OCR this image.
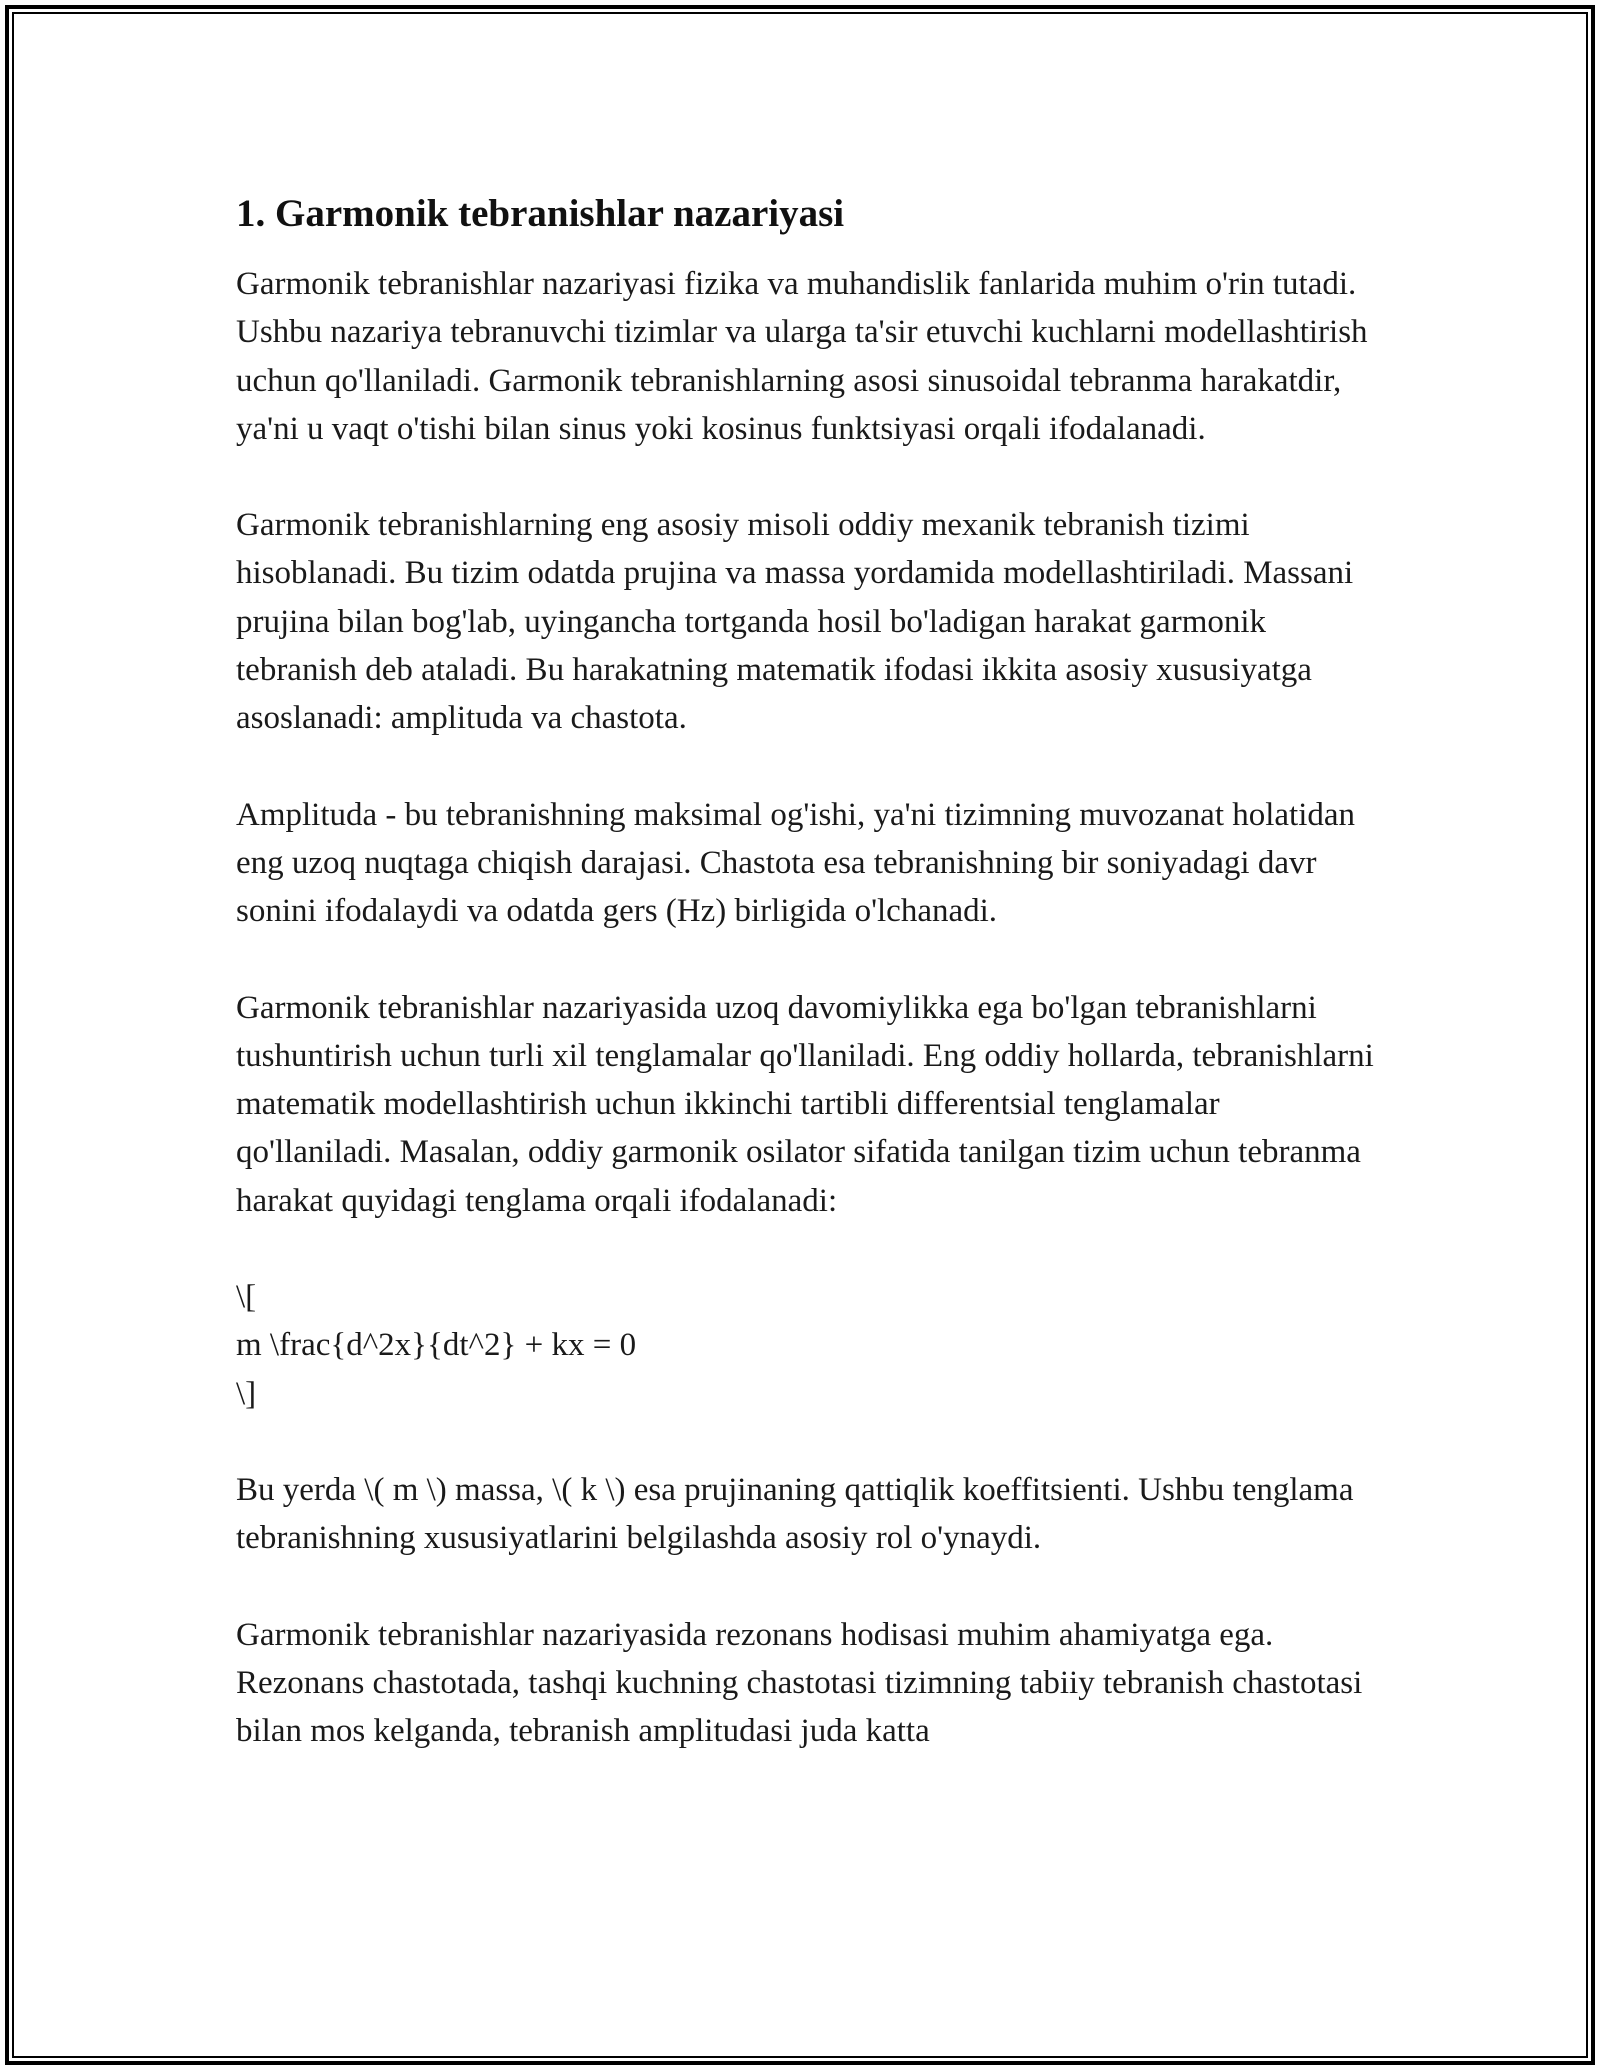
1. Garmonik tebranishlar nazariyasi

Garmonik tebranishlar nazariyasi fizika va muhandislik fanlarida muhim o'rin tutadi. Ushbu nazariya tebranuvchi tizimlar va ularga ta'sir etuvchi kuchlarni modellashtirish uchun qo'llaniladi. Garmonik tebranishlarning asosi sinusoidal tebranma harakatdir, ya'ni u vaqt o'tishi bilan sinus yoki kosinus funktsiyasi orqali ifodalanadi.

Garmonik tebranishlarning eng asosiy misoli oddiy mexanik tebranish tizimi hisoblanadi. Bu tizim odatda prujina va massa yordamida modellashtiriladi. Massani prujina bilan bog'lab, uyingancha tortganda hosil bo'ladigan harakat garmonik tebranish deb ataladi. Bu harakatning matematik ifodasi ikkita asosiy xususiyatga asoslanadi: amplituda va chastota.

Amplituda - bu tebranishning maksimal og'ishi, ya'ni tizimning muvozanat holatidan eng uzoq nuqtaga chiqish darajasi. Chastota esa tebranishning bir soniyadagi davr sonini ifodalaydi va odatda gers (Hz) birligida o'lchanadi.

Garmonik tebranishlar nazariyasida uzoq davomiylikka ega bo'lgan tebranishlarni tushuntirish uchun turli xil tenglamalar qo'llaniladi. Eng oddiy hollarda, tebranishlarni matematik modellashtirish uchun ikkinchi tartibli differentsial tenglamalar qo'llaniladi. Masalan, oddiy garmonik osilator sifatida tanilgan tizim uchun tebranma harakat quyidagi tenglama orqali ifodalanadi:

\[
m \frac{d^2x}{dt^2} + kx = 0
\]

Bu yerda \( m \) massa, \( k \) esa prujinaning qattiqlik koeffitsienti. Ushbu tenglama tebranishning xususiyatlarini belgilashda asosiy rol o'ynaydi.

Garmonik tebranishlar nazariyasida rezonans hodisasi muhim ahamiyatga ega. Rezonans chastotada, tashqi kuchning chastotasi tizimning tabiiy tebranish chastotasi bilan mos kelganda, tebranish amplitudasi juda katta
